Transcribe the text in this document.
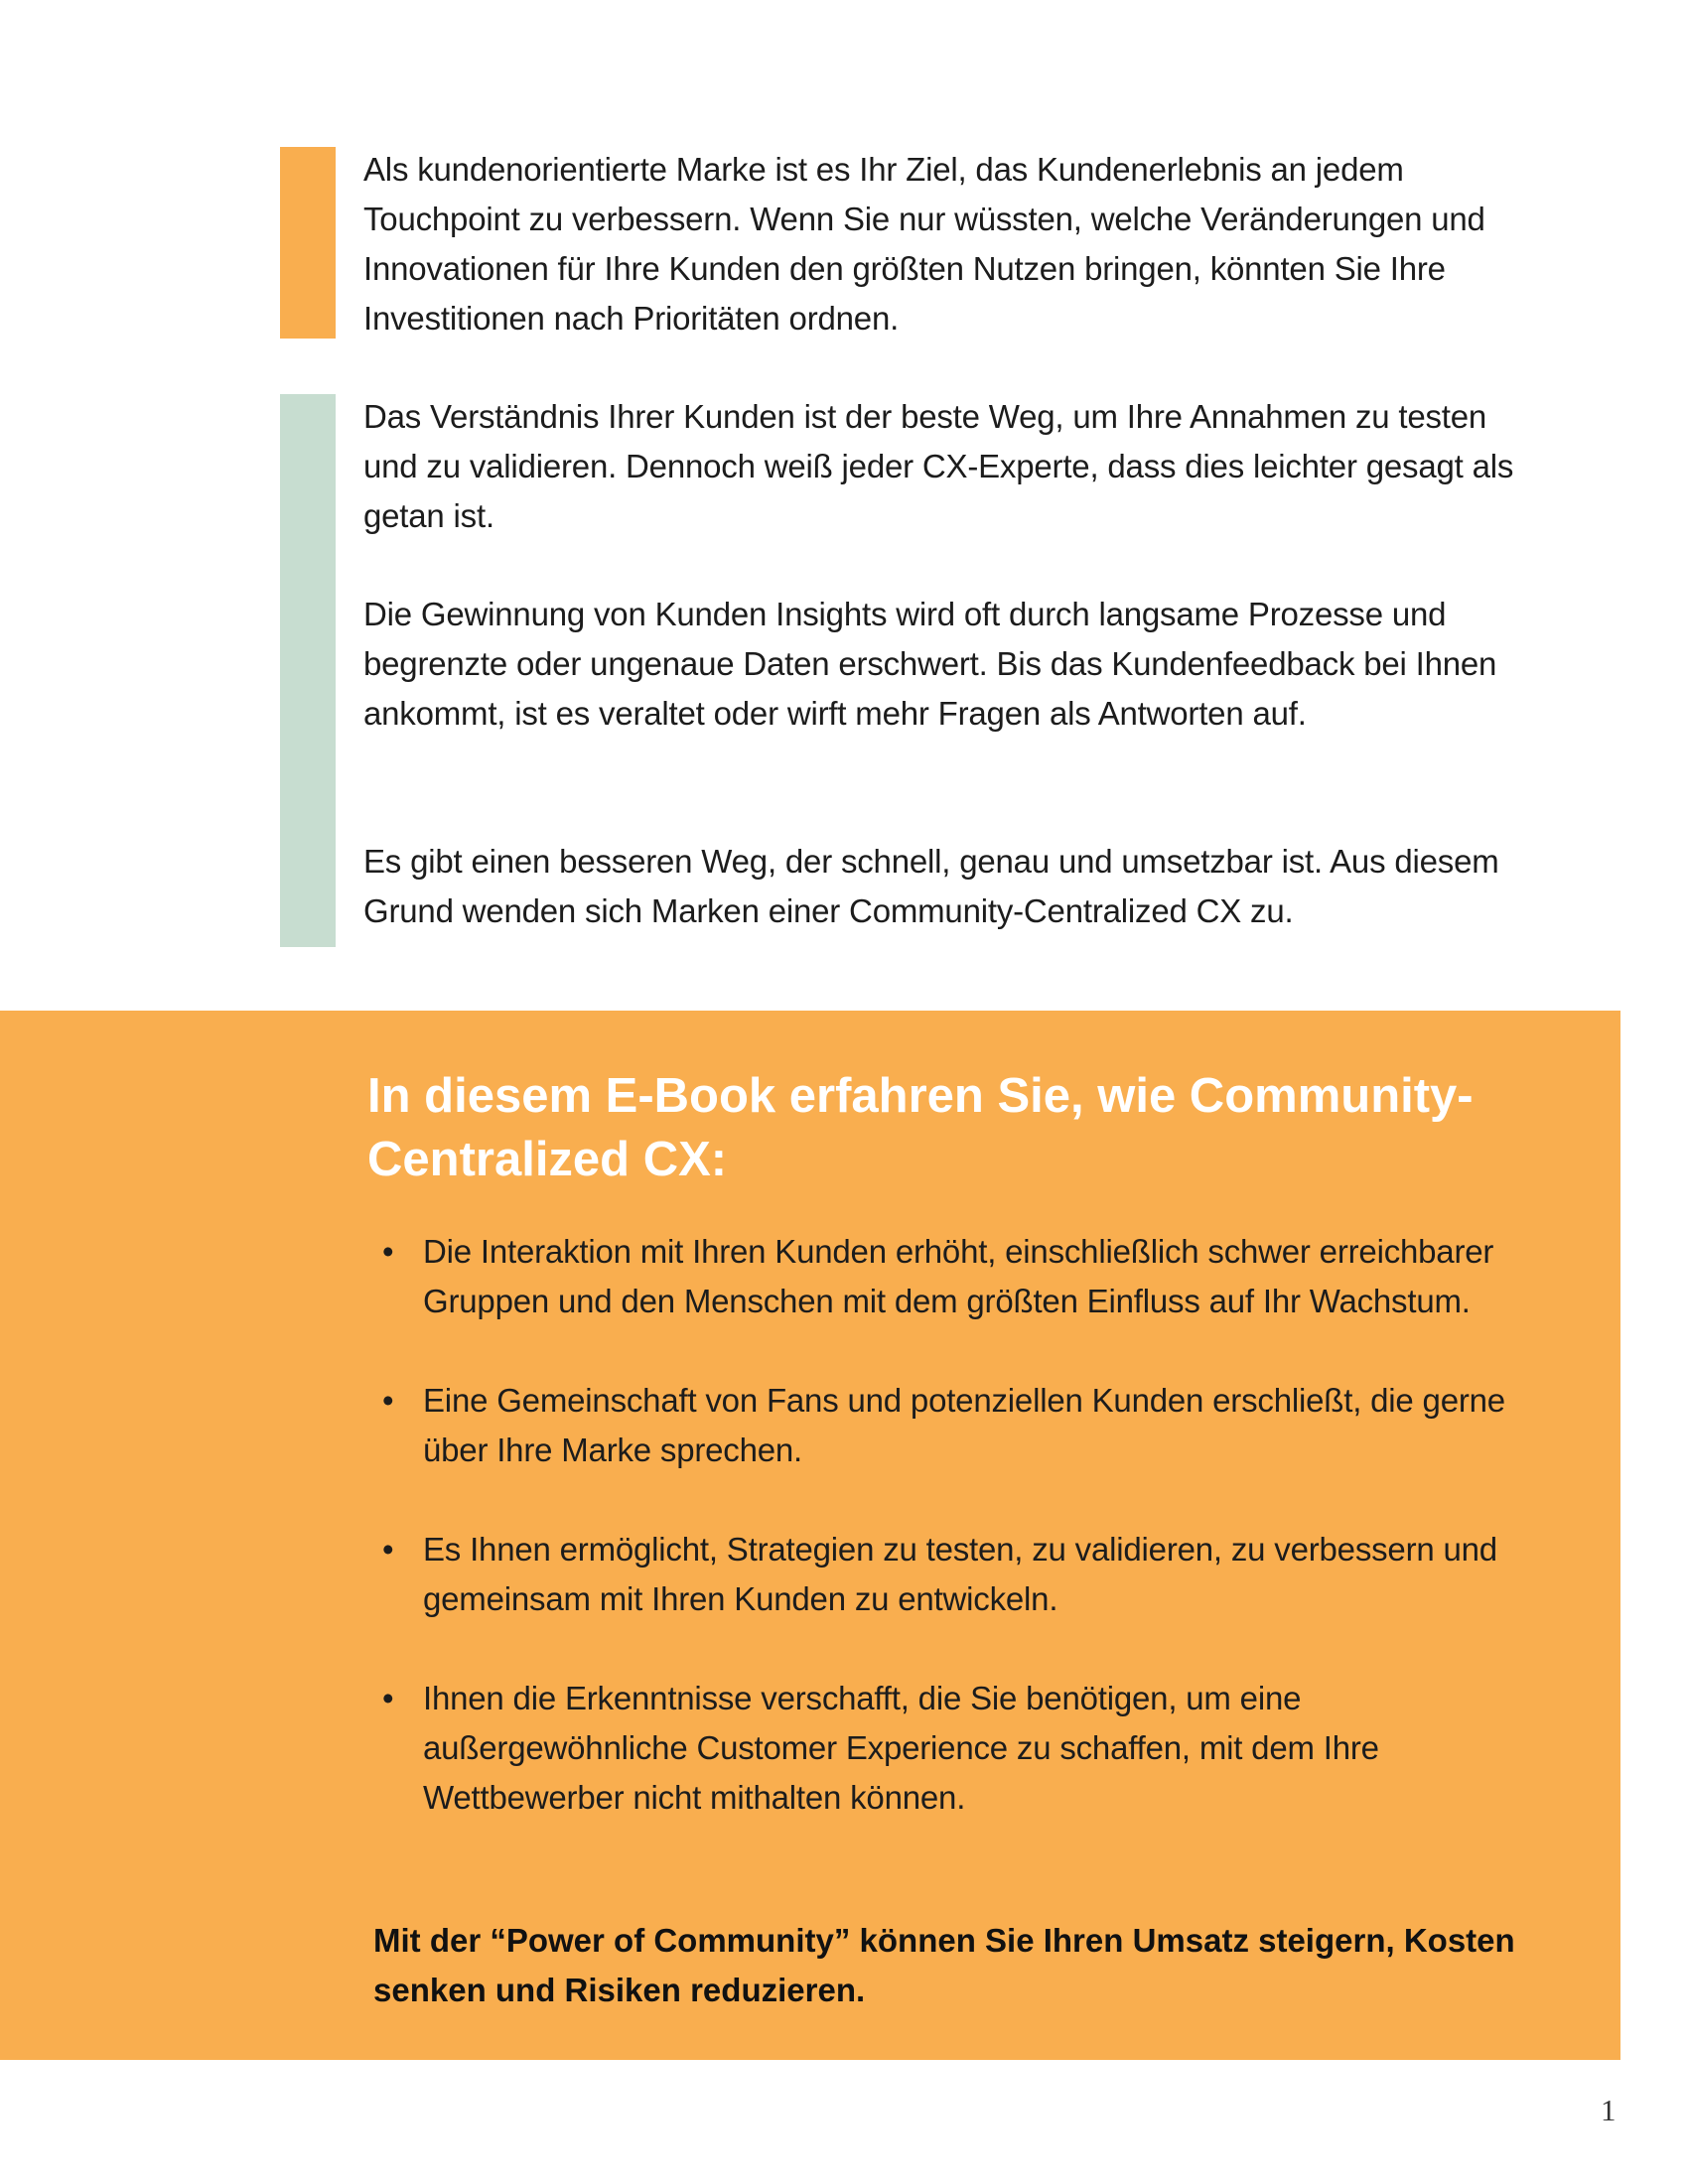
Als kundenorientierte Marke ist es Ihr Ziel, das Kundenerlebnis an jedem Touchpoint zu verbessern. Wenn Sie nur wüssten, welche Veränderungen und Innovationen für Ihre Kunden den größten Nutzen bringen, könnten Sie Ihre Investitionen nach Prioritäten ordnen.

Das Verständnis Ihrer Kunden ist der beste Weg, um Ihre Annahmen zu testen und zu validieren. Dennoch weiß jeder CX-Experte, dass dies leichter gesagt als getan ist.

Die Gewinnung von Kunden Insights wird oft durch langsame Prozesse und begrenzte oder ungenaue Daten erschwert. Bis das Kundenfeedback bei Ihnen ankommt, ist es veraltet oder wirft mehr Fragen als Antworten auf.

Es gibt einen besseren Weg, der schnell, genau und umsetzbar ist. Aus diesem Grund wenden sich Marken einer Community-Centralized CX zu.

In diesem E-Book erfahren Sie, wie Community-Centralized CX:
• Die Interaktion mit Ihren Kunden erhöht, einschließlich schwer erreichbarer Gruppen und den Menschen mit dem größten Einfluss auf Ihr Wachstum.
• Eine Gemeinschaft von Fans und potenziellen Kunden erschließt, die gerne über Ihre Marke sprechen.
• Es Ihnen ermöglicht, Strategien zu testen, zu validieren, zu verbessern und gemeinsam mit Ihren Kunden zu entwickeln.
• Ihnen die Erkenntnisse verschafft, die Sie benötigen, um eine außergewöhnliche Customer Experience zu schaffen, mit dem Ihre Wettbewerber nicht mithalten können.

Mit der “Power of Community” können Sie Ihren Umsatz steigern, Kosten senken und Risiken reduzieren.

1
